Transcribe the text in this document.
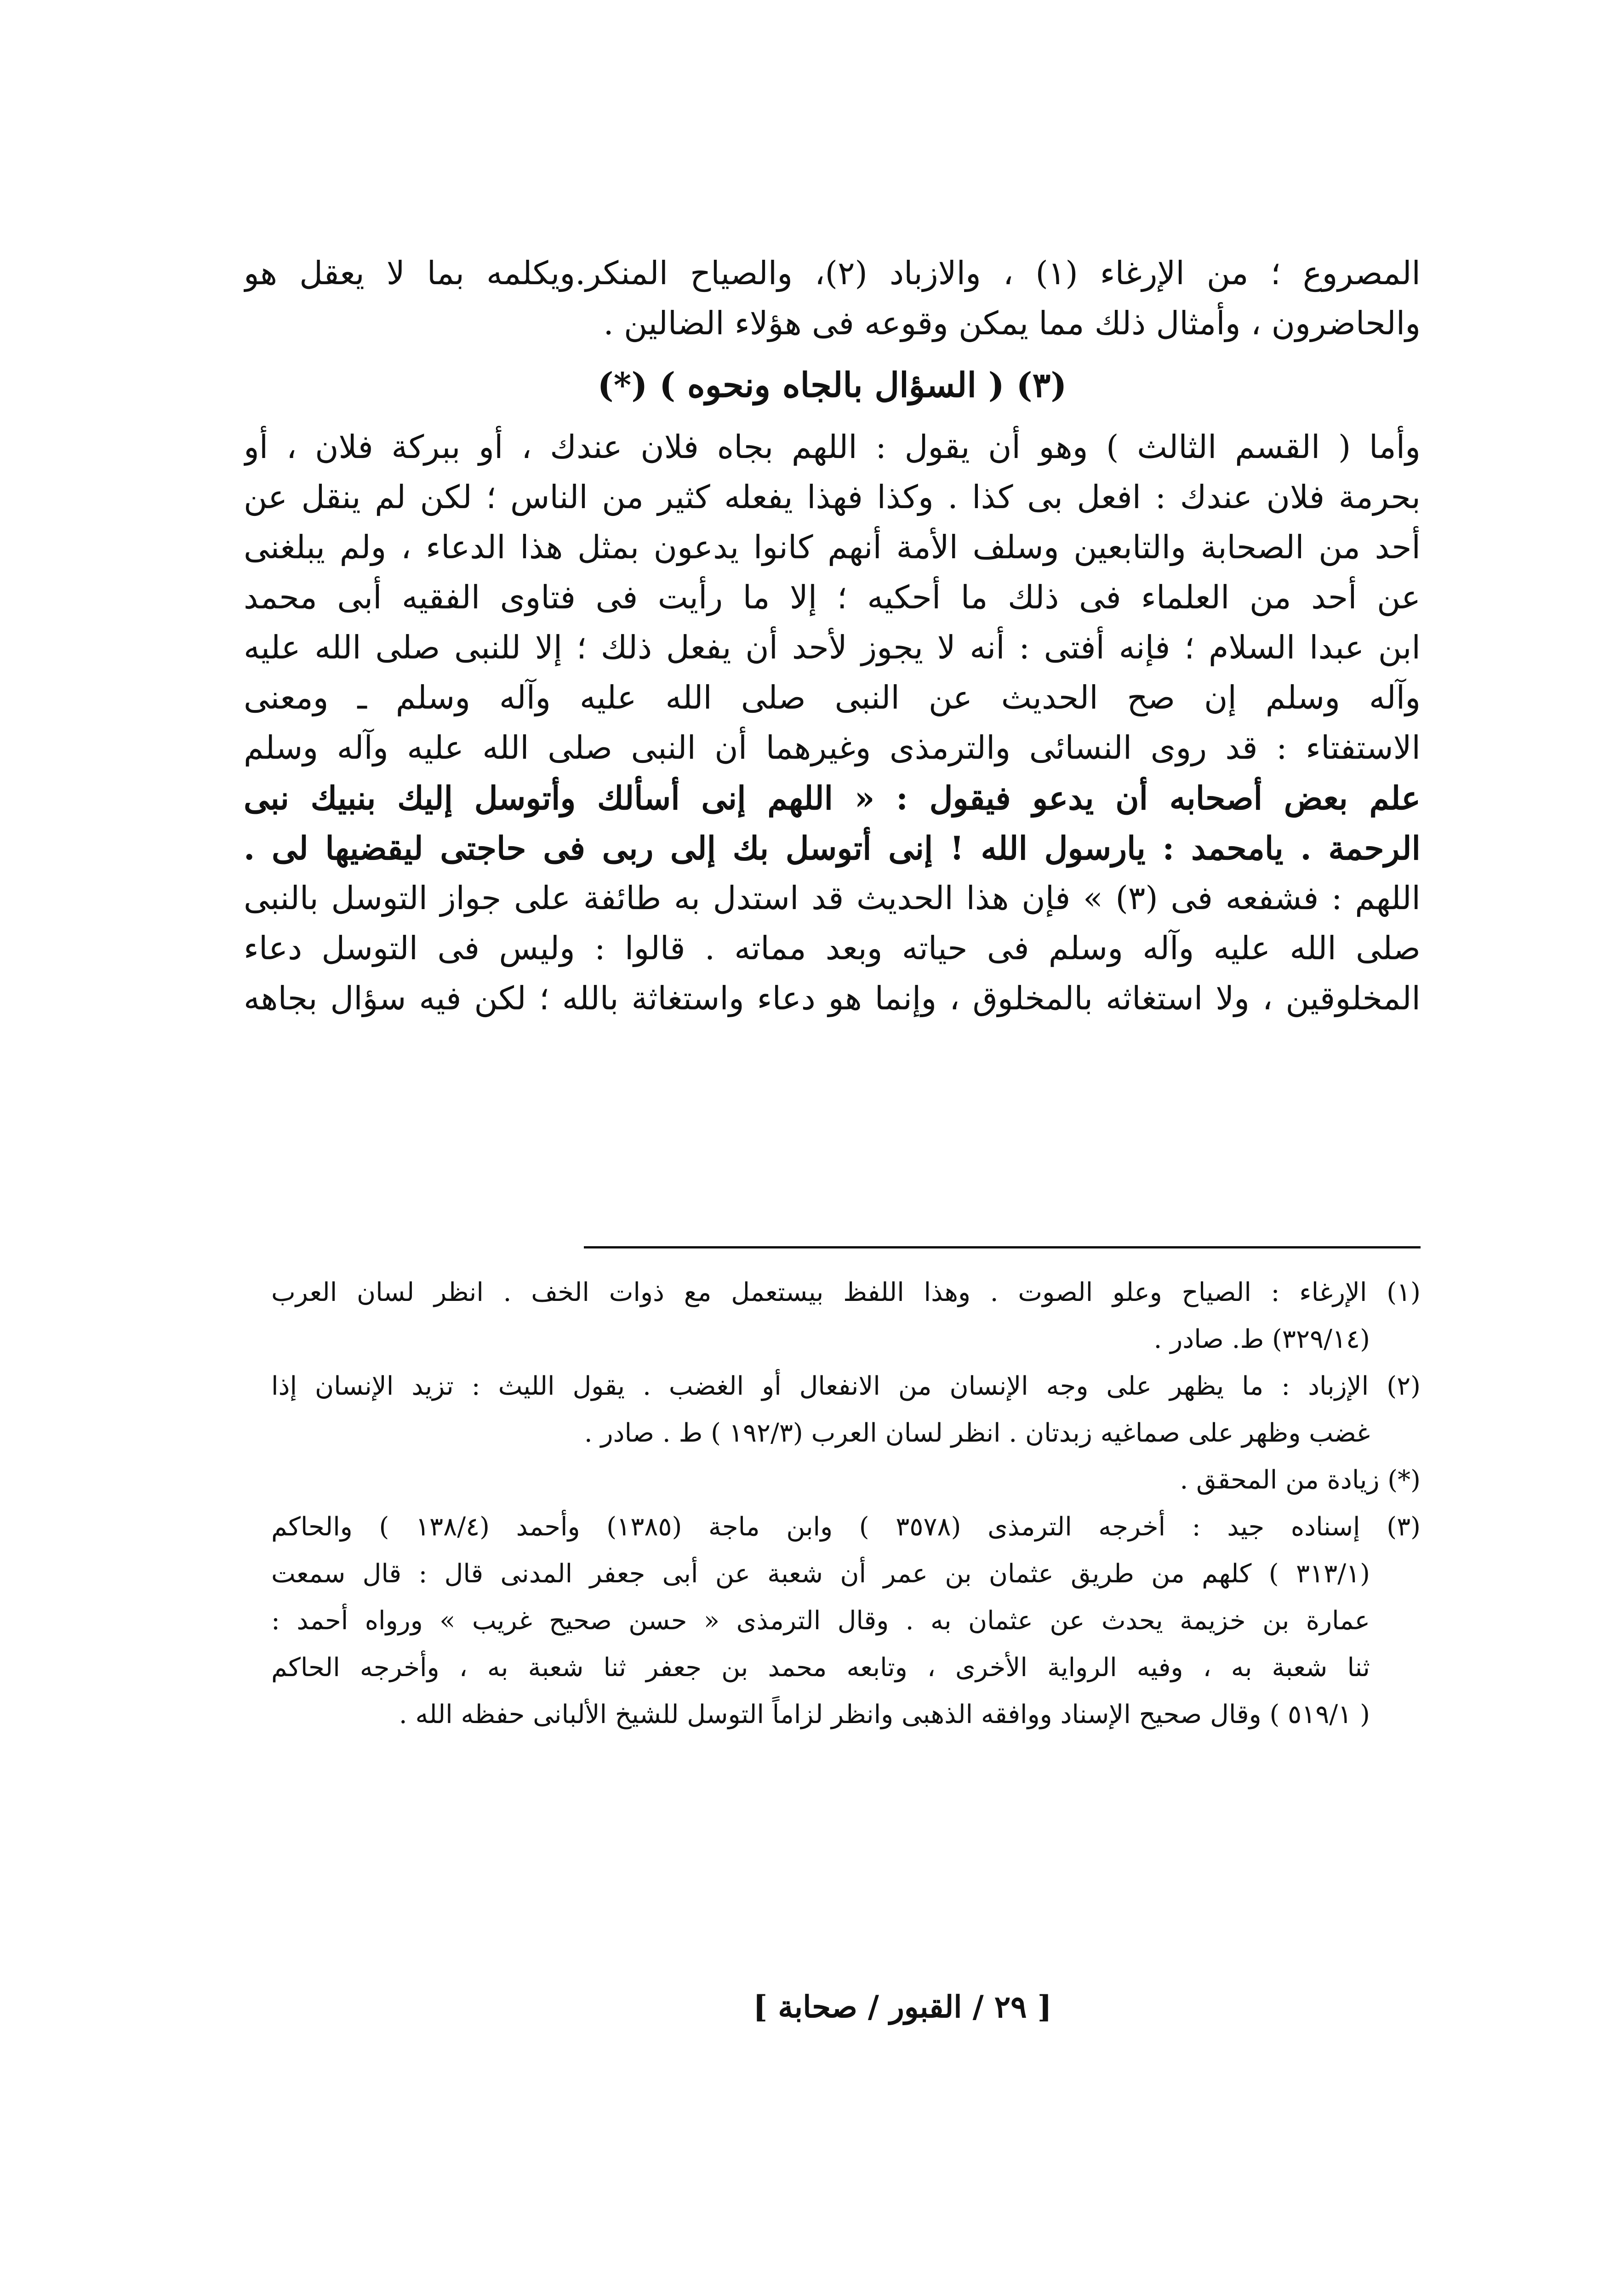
المصروع ؛ من الإرغاء (١) ، والازباد (٢)، والصياح المنكر.ويكلمه بما لا يعقل هو
والحاضرون ، وأمثال ذلك مما يمكن وقوعه فى هؤلاء الضالين .
(٣) ( السؤال بالجاه ونحوه ) (*)
وأما ( القسم الثالث ) وهو أن يقول : اللهم بجاه فلان عندك ، أو ببركة فلان ، أو
بحرمة فلان عندك : افعل بى كذا . وكذا فهذا يفعله كثير من الناس ؛ لكن لم ينقل عن
أحد من الصحابة والتابعين وسلف الأمة أنهم كانوا يدعون بمثل هذا الدعاء ، ولم يبلغنى
عن أحد من العلماء فى ذلك ما أحكيه ؛ إلا ما رأيت فى فتاوى الفقيه أبى محمد
ابن عبدا السلام ؛ فإنه أفتى : أنه لا يجوز لأحد أن يفعل ذلك ؛ إلا للنبى صلى الله عليه
وآله وسلم إن صح الحديث عن النبى صلى الله عليه وآله وسلم ـ ومعنى
الاستفتاء : قد روى النسائى والترمذى وغيرهما أن النبى صلى الله عليه وآله وسلم
علم بعض أصحابه أن يدعو فيقول : « اللهم إنى أسألك وأتوسل إليك بنبيك نبى
الرحمة . يامحمد : يارسول الله ! إنى أتوسل بك إلى ربى فى حاجتى ليقضيها لى .
اللهم : فشفعه فى (٣) » فإن هذا الحديث قد استدل به طائفة على جواز التوسل بالنبى
صلى الله عليه وآله وسلم فى حياته وبعد مماته . قالوا : وليس فى التوسل دعاء
المخلوقين ، ولا استغاثه بالمخلوق ، وإنما هو دعاء واستغاثة بالله ؛ لكن فيه سؤال بجاهه
(١) الإرغاء : الصياح وعلو الصوت . وهذا اللفظ بيستعمل مع ذوات الخف . انظر لسان العرب
(٣٢٩/١٤) ط. صادر .
(٢) الإزباد : ما يظهر على وجه الإنسان من الانفعال أو الغضب . يقول الليث : تزيد الإنسان إذا
غضب وظهر على صماغيه زبدتان . انظر لسان العرب (١٩٢/٣ ) ط . صادر .
(*) زيادة من المحقق .
(٣) إسناده جيد : أخرجه الترمذى (٣٥٧٨ ) وابن ماجة (١٣٨٥) وأحمد (١٣٨/٤ ) والحاكم
(٣١٣/١ ) كلهم من طريق عثمان بن عمر أن شعبة عن أبى جعفر المدنى قال : قال سمعت
عمارة بن خزيمة يحدث عن عثمان به . وقال الترمذى « حسن صحيح غريب » ورواه أحمد :
ثنا شعبة به ، وفيه الرواية الأخرى ، وتابعه محمد بن جعفر ثنا شعبة به ، وأخرجه الحاكم
( ٥١٩/١ ) وقال صحيح الإسناد ووافقه الذهبى وانظر لزاماً التوسل للشيخ الألبانى حفظه الله .
[ ٢٩ / القبور / صحابة ]
